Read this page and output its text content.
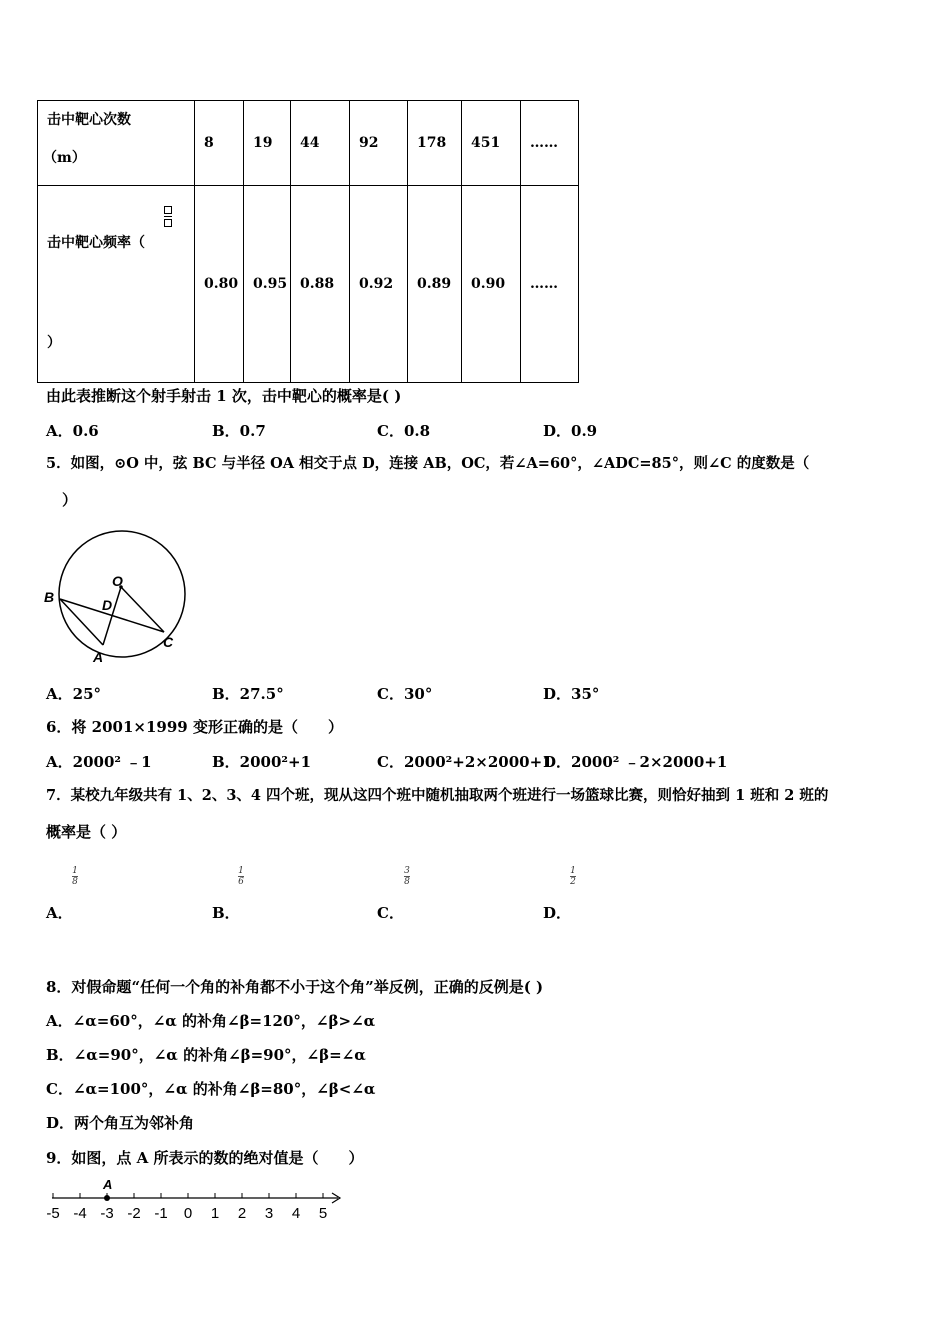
击中靶心次数
（m）	8	19	44	92	178	451	……

击中靶心频率（
）	0.80	0.95	0.88	0.92	0.89	0.90	……
由此表推断这个射手射击 1 次，击中靶心的概率是( )
A．0.6	B．0.7	C．0.8	D．0.9
5．如图，⊙O 中，弦 BC 与半径 OA 相交于点 D，连接 AB，OC，若∠A=60°，∠ADC=85°，则∠C 的度数是（
）
O
D
B
A
C
A．25°	B．27.5°	C．30°	D．35°
6．将 2001×1999 变形正确的是（　　）
A．2000² ﹣1	B．2000²+1	C．2000²+2×2000+1
D．2000² ﹣2×2000+1
7．某校九年级共有 1、2、3、4 四个班，现从这四个班中随机抽取两个班进行一场篮球比赛，则恰好抽到 1 班和 2 班的
概率是（ ）
1
8
1
6
3
8
1
2
A．	B．	C．	D．
8．对假命题“任何一个角的补角都不小于这个角”举反例，正确的反例是( )
A．∠α=60°，∠α 的补角∠β=120°，∠β>∠α
B．∠α=90°，∠α 的补角∠β=90°，∠β=∠α
C．∠α=100°，∠α 的补角∠β=80°，∠β<∠α
D．两个角互为邻补角
9．如图，点 A 所表示的数的绝对值是（　　）
-5 -4 -3 -2 -1 0 1 2 3 4 5
A
